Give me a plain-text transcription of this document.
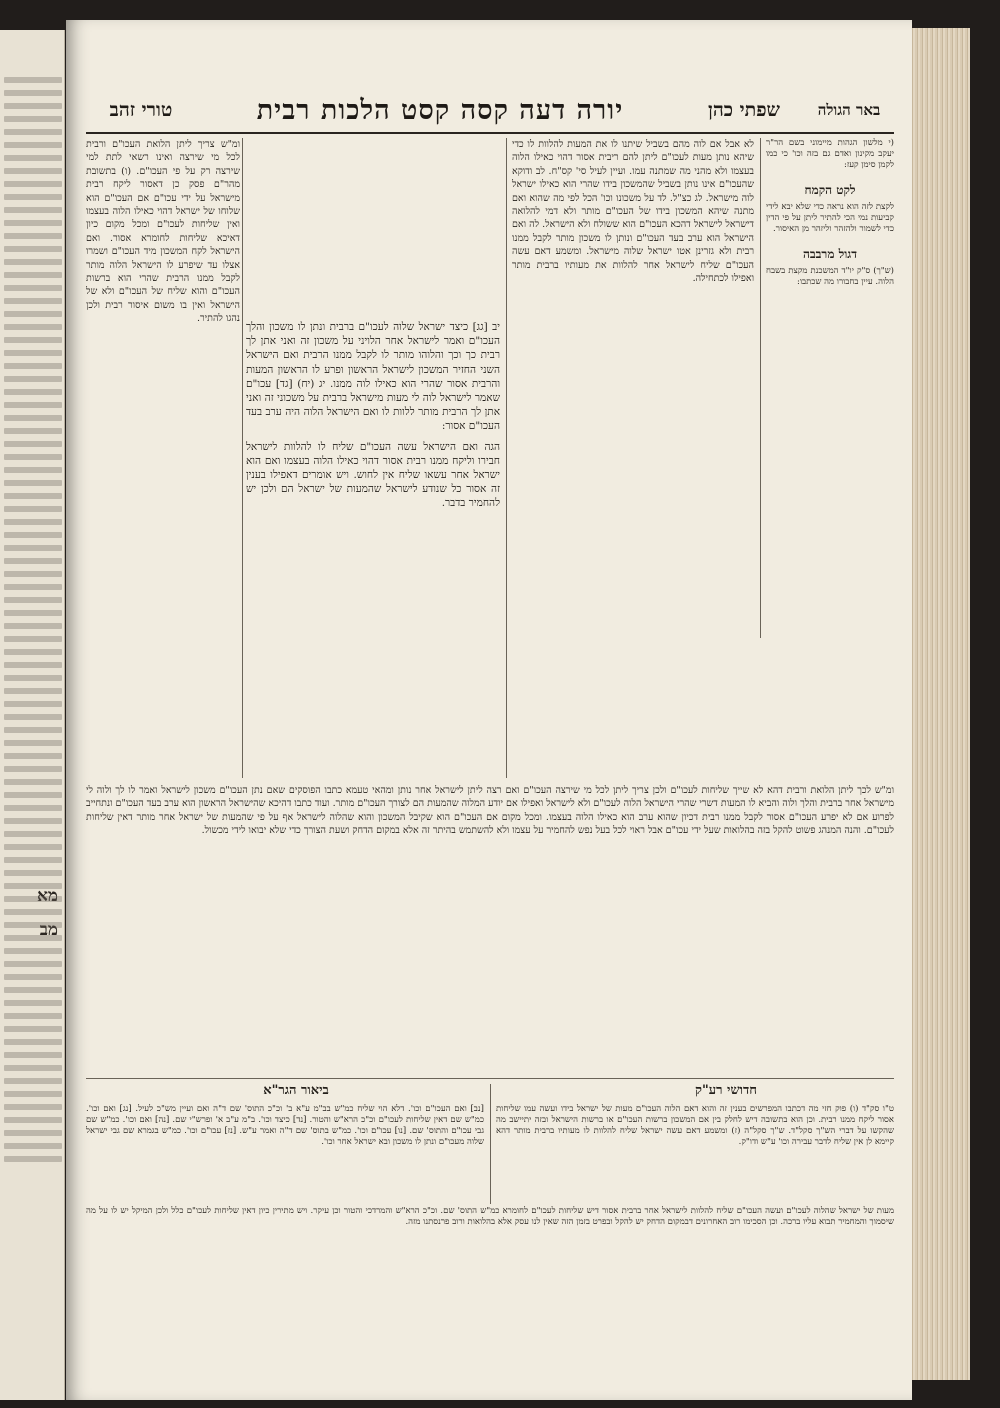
מא
מב
באר הגולה
שפתי כהן
יורה דעה קסה קסט הלכות רבית
טורי זהב
(י מלשון הגהות מיימוני בשם הר"ר יעקב מקינון ואדם גם בזה וכו' כי כמו לקמן סימן קעז:
לקט הקמח
לקצת לזה הוא נראה כדי שלא יבא לידי קביעות נמי הכי להתיר ליתן על פי הדין כדי לשמור ולהזהר וליזהר מן האיסור.
דגול מרבבה
(ש"ך) ס"ק יו"ד המשכנת מקצת בשבח הלוה. עיין בחבורו מה שכתבו:
לא אבל אם לוה מהם בשביל שיתנו לו את המעות להלוות לו כדי שיהא נותן מעות לעכו"ם ליתן להם ריבית אסור דהוי כאילו הלוה בעצמו ולא מהני מה שמתנה עמו. ועיין לעיל סי' קס"ח. לב ודוקא שהעכו"ם אינו נותן בשביל שהמשכון בידו שהרי הוא כאילו ישראל לוה מישראל. לג כצ"ל. לד על משכונו וכו' הכל לפי מה שהוא ואם מתנה שיהא המשכון בידו של העכו"ם מותר ולא דמי להלואה דישראל לישראל דהכא העכו"ם הוא ששולח ולא הישראל. לה ואם הישראל הוא ערב בעד העכו"ם ונותן לו משכון מותר לקבל ממנו רבית ולא גזרינן אטו ישראל שלוה מישראל. ומשמע דאם עשה העכו"ם שליח לישראל אחר להלוות את מעותיו ברבית מותר ואפילו לכתחילה.
יב [גג] כיצד ישראל שלוה לעכו"ם ברבית ונתן לו משכון והלך העכו"ם ואמר לישראל אחר הלויני על משכון זה ואני אתן לך רבית כך וכך והלוהו מותר לו לקבל ממנו הרבית ואם הישראל השני החזיר המשכון לישראל הראשון ופרע לו הראשון המעות והרבית אסור שהרי הוא כאילו לוה ממנו. יג (יח) [גד] עכו"ם שאמר לישראל לוה לי מעות מישראל ברבית על משכוני זה ואני אתן לך הרבית מותר ללוות לו ואם הישראל הלוה היה ערב בעד העכו"ם אסור:
הגה ואם הישראל עשה העכו"ם שליח לו להלוות לישראל חבירו וליקח ממנו רבית אסור דהוי כאילו הלוה בעצמו ואם הוא ישראל אחר עשאו שליח אין לחוש. ויש אומרים דאפילו בענין זה אסור כל שנודע לישראל שהמעות של ישראל הם ולכן יש להחמיר בדבר.
ומ"ש צריך ליתן הלואת העכו"ם ורבית לכל מי שירצה ואינו רשאי לתת למי שירצה רק על פי העכו"ם. (ו) בתשובת מהר"ם פסק כן דאסור ליקח רבית מישראל על ידי עכו"ם אם העכו"ם הוא שלוחו של ישראל דהוי כאילו הלוה בעצמו ואין שליחות לעכו"ם ומכל מקום כיון דאיכא שליחות לחומרא אסור. ואם הישראל לקח המשכון מיד העכו"ם ושמרו אצלו עד שיפרע לו הישראל הלוה מותר לקבל ממנו הרבית שהרי הוא ברשות העכו"ם והוא שליח של העכו"ם ולא של הישראל ואין בו משום איסור רבית ולכן נהגו להתיר.
ומ"ש לכך ליתן הלואת ורבית דהא לא שייך שליחות לעכו"ם ולכן צריך ליתן לכל מי שירצה העכו"ם ואם רצה ליתן לישראל אחר נותן ומהאי טעמא כתבו הפוסקים שאם נתן העכו"ם משכון לישראל ואמר לו לך ולוה לי מישראל אחר ברבית והלך ולוה והביא לו המעות דשרי שהרי הישראל הלוה לעכו"ם ולא לישראל ואפילו אם יודע המלוה שהמעות הם לצורך העכו"ם מותר. ועוד כתבו דהיכא שהישראל הראשון הוא ערב בעד העכו"ם ונתחייב לפרוע אם לא יפרע העכו"ם אסור לקבל ממנו רבית דכיון שהוא ערב הוא כאילו הלוה בעצמו. ומכל מקום אם העכו"ם הוא שקיבל המשכון והוא שהלוה לישראל אף על פי שהמעות של ישראל אחר מותר דאין שליחות לעכו"ם. והנה המנהג פשוט להקל בזה בהלואות שעל ידי עכו"ם אבל ראוי לכל בעל נפש להחמיר על עצמו ולא להשתמש בהיתר זה אלא במקום הדחק ושעת הצורך כדי שלא יבואו לידי מכשול.
חדושי רע"ק
ביאור הגר"א
ט"ו סק"ד (ו) פוק חזי מה דכתבו המפרשים בענין זה והוא דאם הלוה העכו"ם מעות של ישראל בידו ועשה עמו שליחות אסור ליקח ממנו רבית. וכן הוא בתשובה דיש לחלק בין אם המשכון ברשות העכו"ם או ברשות הישראל ובזה יתיישב מה שהקשו על דברי הש"ך סקל"ד. ש"ך סקל"ה (ז) ומשמע דאם עשה ישראל שליח להלוות לו מעותיו ברבית מותר דהא קיימא לן אין שליח לדבר עבירה וכו' ע"ש ודו"ק.
[נב] ואם העכו"ם וכו'. דלא הוי שליח כמ"ש בב"מ ע"א ב' וכ"כ התוס' שם ד"ה ואם ועיין מש"כ לעיל. [נג] ואם וכו'. כמ"ש שם דאין שליחות לעכו"ם וכ"כ הרא"ש והטור. [נד] כיצד וכו'. ב"מ ע"ב א' ופרש"י שם. [נה] ואם וכו'. כמ"ש שם גבי עכו"ם והתוס' שם. [נו] עכו"ם וכו'. כמ"ש בתוס' שם ד"ה ואמר ע"ש. [נז] עכו"ם וכו'. כמ"ש בגמרא שם גבי ישראל שלוה מעכו"ם ונתן לו משכון ובא ישראל אחר וכו'.
מעות של ישראל שהלוה לעכו"ם ועשה העכו"ם שליח להלוות לישראל אחר ברבית אסור דיש שליחות לעכו"ם לחומרא כמ"ש התוס' שם. וכ"כ הרא"ש והמרדכי והטור וכן עיקר. ויש מתירין כיון דאין שליחות לעכו"ם כלל ולכן המיקל יש לו על מה שיסמוך והמחמיר תבוא עליו ברכה. וכן הסכימו רוב האחרונים דבמקום הדחק יש להקל ובפרט בזמן הזה שאין לנו עסק אלא בהלואות ורוב פרנסתנו מזה.
